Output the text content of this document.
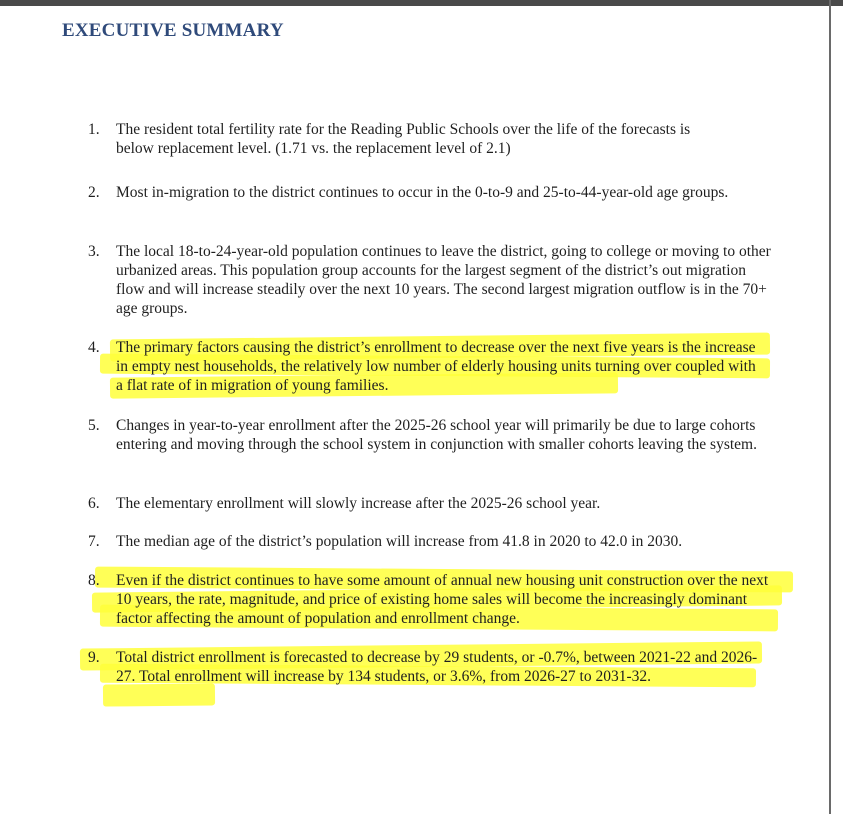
EXECUTIVE SUMMARY
1. The resident total fertility rate for the Reading Public Schools over the life of the forecasts is below replacement level. (1.71 vs. the replacement level of 2.1)
2. Most in-migration to the district continues to occur in the 0-to-9 and 25-to-44-year-old age groups.
3. The local 18-to-24-year-old population continues to leave the district, going to college or moving to other urbanized areas. This population group accounts for the largest segment of the district’s out migration flow and will increase steadily over the next 10 years. The second largest migration outflow is in the 70+ age groups.
4. The primary factors causing the district’s enrollment to decrease over the next five years is the increase in empty nest households, the relatively low number of elderly housing units turning over coupled with a flat rate of in migration of young families.
5. Changes in year-to-year enrollment after the 2025-26 school year will primarily be due to large cohorts entering and moving through the school system in conjunction with smaller cohorts leaving the system.
6. The elementary enrollment will slowly increase after the 2025-26 school year.
7. The median age of the district’s population will increase from 41.8 in 2020 to 42.0 in 2030.
8. Even if the district continues to have some amount of annual new housing unit construction over the next 10 years, the rate, magnitude, and price of existing home sales will become the increasingly dominant factor affecting the amount of population and enrollment change.
9. Total district enrollment is forecasted to decrease by 29 students, or -0.7%, between 2021-22 and 2026-27. Total enrollment will increase by 134 students, or 3.6%, from 2026-27 to 2031-32.
